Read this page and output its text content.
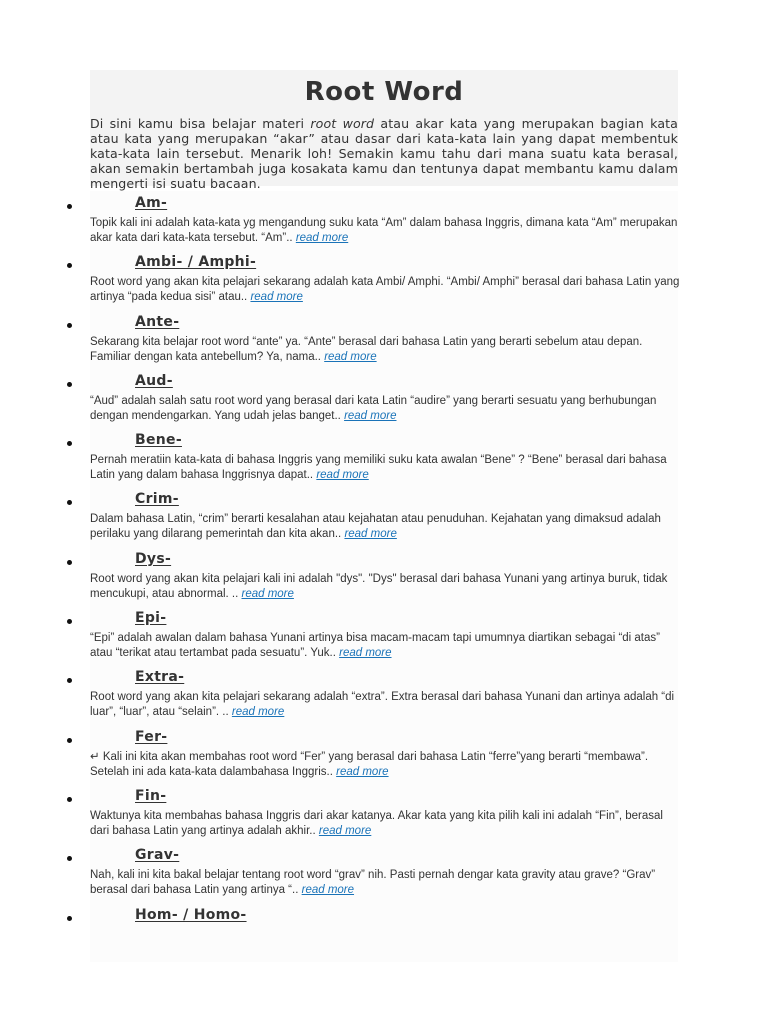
Root Word

Di sini kamu bisa belajar materi root word atau akar kata yang merupakan bagian kata atau kata yang merupakan “akar” atau dasar dari kata-kata lain yang dapat membentuk kata-kata lain tersebut. Menarik loh! Semakin kamu tahu dari mana suatu kata berasal, akan semakin bertambah juga kosakata kamu dan tentunya dapat membantu kamu dalam mengerti isi suatu bacaan.

Am-

Topik kali ini adalah kata-kata yg mengandung suku kata “Am” dalam bahasa Inggris, dimana kata “Am” merupakan akar kata dari kata-kata tersebut. “Am”.. read more

Ambi- / Amphi-

Root word yang akan kita pelajari sekarang adalah kata Ambi/ Amphi. “Ambi/ Amphi” berasal dari bahasa Latin yang artinya “pada kedua sisi” atau.. read more

Ante-

Sekarang kita belajar root word “ante” ya. “Ante” berasal dari bahasa Latin yang berarti sebelum atau depan. Familiar dengan kata antebellum? Ya, nama.. read more

Aud-

“Aud” adalah salah satu root word yang berasal dari kata Latin “audire” yang berarti sesuatu yang berhubungan dengan mendengarkan. Yang udah jelas banget.. read more

Bene-

Pernah meratiin kata-kata di bahasa Inggris yang memiliki suku kata awalan “Bene” ? “Bene” berasal dari bahasa Latin yang dalam bahasa Inggrisnya dapat.. read more

Crim-

Dalam bahasa Latin, “crim” berarti kesalahan atau kejahatan atau penuduhan. Kejahatan yang dimaksud adalah perilaku yang dilarang pemerintah dan kita akan.. read more

Dys-

Root word yang akan kita pelajari kali ini adalah "dys". "Dys" berasal dari bahasa Yunani yang artinya buruk, tidak mencukupi, atau abnormal. .. read more

Epi-

“Epi” adalah awalan dalam bahasa Yunani artinya bisa macam-macam tapi umumnya diartikan sebagai “di atas” atau “terikat atau tertambat pada sesuatu”. Yuk.. read more

Extra-

Root word yang akan kita pelajari sekarang adalah “extra”. Extra berasal dari bahasa Yunani dan artinya adalah “di luar”, “luar”, atau “selain”. .. read more

Fer-

↵ Kali ini kita akan membahas root word “Fer” yang berasal dari bahasa Latin “ferre”yang berarti “membawa”. Setelah ini ada kata-kata dalambahasa Inggris.. read more

Fin-

Waktunya kita membahas bahasa Inggris dari akar katanya. Akar kata yang kita pilih kali ini adalah “Fin”, berasal dari bahasa Latin yang artinya adalah akhir.. read more

Grav-

Nah, kali ini kita bakal belajar tentang root word “grav” nih. Pasti pernah dengar kata gravity atau grave? “Grav” berasal dari bahasa Latin yang artinya “.. read more

Hom- / Homo-
